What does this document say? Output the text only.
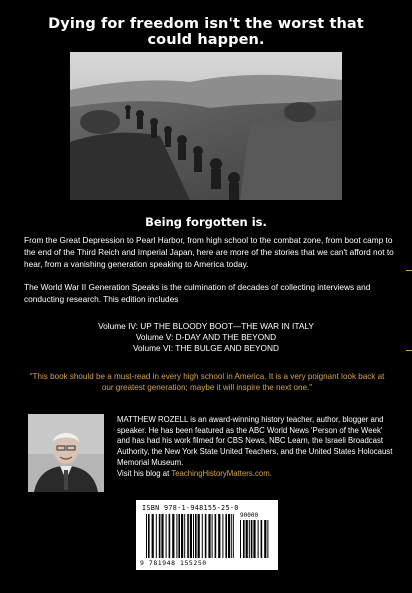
Dying for freedom isn't the worst that could happen.
Being forgotten is.
From the Great Depression to Pearl Harbor, from high school to the combat zone, from boot camp to the end of the Third Reich and Imperial Japan, here are more of the stories that we can't afford not to hear, from a vanishing generation speaking to America today.
The World War II Generation Speaks is the culmination of decades of collecting interviews and conducting research. This edition includes
Volume IV: UP THE BLOODY BOOT—THE WAR IN ITALY
Volume V: D-DAY AND THE BEYOND
Volume VI: THE BULGE AND BEYOND
"This book should be a must-read in every high school in America. It is a very poignant look back at our greatest generation; maybe it will inspire the next one."
MATTHEW ROZELL is an award-winning history teacher, author, blogger and speaker. He has been featured as the ABC World News 'Person of the Week' and has had his work filmed for CBS News, NBC Learn, the Israeli Broadcast Authority, the New York State United Teachers, and the United States Holocaust Memorial Museum.
Visit his blog at TeachingHistoryMatters.com.
ISBN 978-1-948155-25-0
90000
9 781948 155250
